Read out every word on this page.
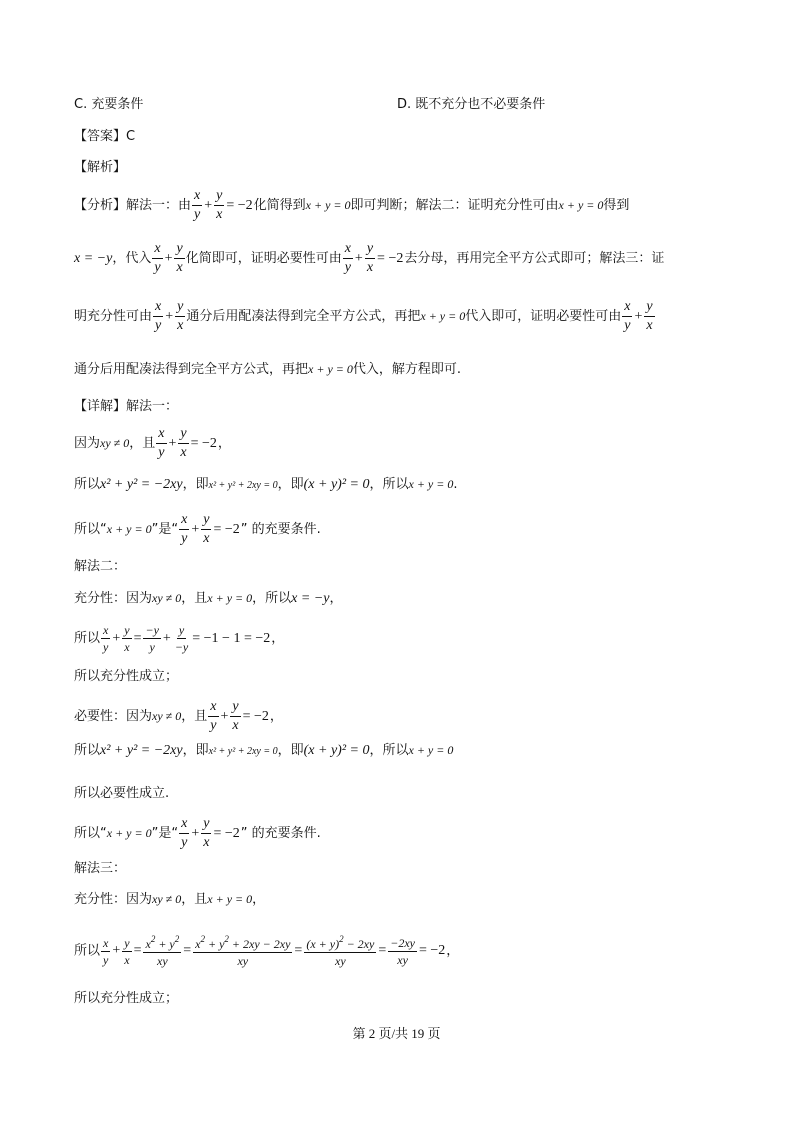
C. 充要条件	D. 既不充分也不必要条件
【答案】C
【解析】
【分析】解法一：由 $\frac{x}{y} + \frac{y}{x} = -2$化简得到x + y = 0即可判断；解法二：证明充分性可由x + y = 0得到
x = −y，代入 $\frac{x}{y} + \frac{y}{x}$ 化简即可，证明必要性可由 $\frac{x}{y} + \frac{y}{x} = -2$去分母，再用完全平方公式即可；解法三：证
明充分性可由 $\frac{x}{y} + \frac{y}{x}$ 通分后用配凑法得到完全平方公式，再把x + y = 0代入即可，证明必要性可由 $\frac{x}{y} + \frac{y}{x}$
通分后用配凑法得到完全平方公式，再把x + y = 0代入，解方程即可.
【详解】解法一：
因为xy ≠ 0，且 $\frac{x}{y} + \frac{y}{x} = -2$，
所以x² + y² = −2xy，即x² + y² + 2xy = 0，即(x + y)² = 0，所以x + y = 0.
所以“x + y = 0”是“ $\frac{x}{y} + \frac{y}{x} = -2$” 的充要条件.
解法二：
充分性：因为xy ≠ 0，且x + y = 0，所以x = −y，
所以 $\frac{x}{y} + \frac{y}{x} = \frac{-y}{y} + \frac{y}{-y} = -1 - 1 = -2$，
所以充分性成立；
必要性：因为xy ≠ 0，且 $\frac{x}{y} + \frac{y}{x} = -2$，
所以x² + y² = −2xy，即x² + y² + 2xy = 0，即(x + y)² = 0，所以x + y = 0
所以必要性成立.
所以“x + y = 0”是“ $\frac{x}{y} + \frac{y}{x} = -2$” 的充要条件.
解法三：
充分性：因为xy ≠ 0，且x + y = 0，
所以 $\frac{x}{y} + \frac{y}{x} = \frac{x^2 + y^2}{xy} = \frac{x^2 + y^2 + 2xy - 2xy}{xy} = \frac{(x + y)^2 - 2xy}{xy} = \frac{-2xy}{xy} = -2$，
所以充分性成立；
第 2 页/共 19 页
